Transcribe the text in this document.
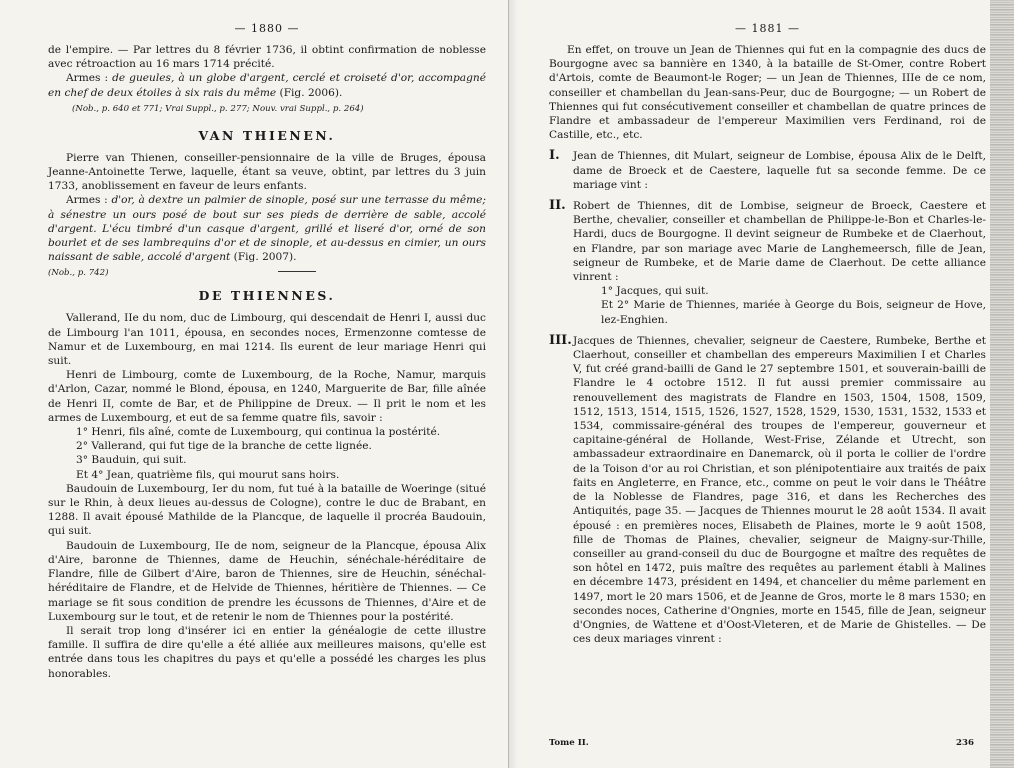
— 1880 —

de l'empire. — Par lettres du 8 février 1736, il obtint confirmation de noblesse avec rétroaction au 16 mars 1714 précité.

Armes : de gueules, à un globe d'argent, cerclé et croiseté d'or, accompagné en chef de deux étoiles à six rais du même (Fig. 2006).

(Nob., p. 640 et 771; Vrai Suppl., p. 277; Nouv. vrai Suppl., p. 264)
VAN THIENEN.

Pierre van Thienen, conseiller-pensionnaire de la ville de Bruges, épousa Jeanne-Antoinette Terwe, laquelle, étant sa veuve, obtint, par lettres du 3 juin 1733, anoblissement en faveur de leurs enfants.

Armes : d'or, à dextre un palmier de sinople, posé sur une terrasse du même; à sénestre un ours posé de bout sur ses pieds de derrière de sable, accolé d'argent. L'écu timbré d'un casque d'argent, grillé et liseré d'or, orné de son bourlet et de ses lambrequins d'or et de sinople, et au-dessus en cimier, un ours naissant de sable, accolé d'argent (Fig. 2007).

(Nob., p. 742)
DE THIENNES.

Vallerand, IIe du nom, duc de Limbourg, qui descendait de Henri I, aussi duc de Limbourg l'an 1011, épousa, en secondes noces, Ermenzonne comtesse de Namur et de Luxembourg, en mai 1214. Ils eurent de leur mariage Henri qui suit.

Henri de Limbourg, comte de Luxembourg, de la Roche, Namur, marquis d'Arlon, Cazar, nommé le Blond, épousa, en 1240, Marguerite de Bar, fille aînée de Henri II, comte de Bar, et de Philippine de Dreux. — Il prit le nom et les armes de Luxembourg, et eut de sa femme quatre fils, savoir :

1° Henri, fils aîné, comte de Luxembourg, qui continua la postérité.

2° Vallerand, qui fut tige de la branche de cette lignée.

3° Bauduin, qui suit.

Et 4° Jean, quatrième fils, qui mourut sans hoirs.

Baudouin de Luxembourg, Ier du nom, fut tué à la bataille de Woeringe (situé sur le Rhin, à deux lieues au-dessus de Cologne), contre le duc de Brabant, en 1288. Il avait épousé Mathilde de la Plancque, de laquelle il procréa Baudouin, qui suit.

Baudouin de Luxembourg, IIe de nom, seigneur de la Plancque, épousa Alix d'Aire, baronne de Thiennes, dame de Heuchin, sénéchale-héréditaire de Flandre, fille de Gilbert d'Aire, baron de Thiennes, sire de Heuchin, sénéchal-héréditaire de Flandre, et de Helvide de Thiennes, héritière de Thiennes. — Ce mariage se fit sous condition de prendre les écussons de Thiennes, d'Aire et de Luxembourg sur le tout, et de retenir le nom de Thiennes pour la postérité.

Il serait trop long d'insérer ici en entier la généalogie de cette illustre famille. Il suffira de dire qu'elle a été alliée aux meilleures maisons, qu'elle est entrée dans tous les chapitres du pays et qu'elle a possédé les charges les plus honorables.

— 1881 —

En effet, on trouve un Jean de Thiennes qui fut en la compagnie des ducs de Bourgogne avec sa bannière en 1340, à la bataille de St-Omer, contre Robert d'Artois, comte de Beaumont-le Roger; — un Jean de Thiennes, IIIe de ce nom, conseiller et chambellan du Jean-sans-Peur, duc de Bourgogne; — un Robert de Thiennes qui fut consécutivement conseiller et chambellan de quatre princes de Flandre et ambassadeur de l'empereur Maximilien vers Ferdinand, roi de Castille, etc., etc.

I.	Jean de Thiennes, dit Mulart, seigneur de Lombise, épousa Alix de le Delft, dame de Broeck et de Caestere, laquelle fut sa seconde femme. De ce mariage vint :

II. Robert de Thiennes, dit de Lombise, seigneur de Broeck, Caestere et Berthe, chevalier, conseiller et chambellan de Philippe-le-Bon et Charles-le-Hardi, ducs de Bourgogne. Il devint seigneur de Rumbeke et de Claerhout, en Flandre, par son mariage avec Marie de Langhemeersch, fille de Jean, seigneur de Rumbeke, et de Marie dame de Claerhout. De cette alliance vinrent :

1° Jacques, qui suit.

Et 2° Marie de Thiennes, mariée à George du Bois, seigneur de Hove, lez-Enghien.

III. Jacques de Thiennes, chevalier, seigneur de Caestere, Rumbeke, Berthe et Claerhout, conseiller et chambellan des empereurs Maximilien I et Charles V, fut créé grand-bailli de Gand le 27 septembre 1501, et souverain-bailli de Flandre le 4 octobre 1512. Il fut aussi premier commissaire au renouvellement des magistrats de Flandre en 1503, 1504, 1508, 1509, 1512, 1513, 1514, 1515, 1526, 1527, 1528, 1529, 1530, 1531, 1532, 1533 et 1534, commissaire-général des troupes de l'empereur, gouverneur et capitaine-général de Hollande, West-Frise, Zélande et Utrecht, son ambassadeur extraordinaire en Danemarck, où il porta le collier de l'ordre de la Toison d'or au roi Christian, et son plénipotentiaire aux traités de paix faits en Angleterre, en France, etc., comme on peut le voir dans le Théâtre de la Noblesse de Flandres, page 316, et dans les Recherches des Antiquités, page 35. — Jacques de Thiennes mourut le 28 août 1534. Il avait épousé : en premières noces, Elisabeth de Plaines, morte le 9 août 1508, fille de Thomas de Plaines, chevalier, seigneur de Maigny-sur-Thille, conseiller au grand-conseil du duc de Bourgogne et maître des requêtes de son hôtel en 1472, puis maître des requêtes au parlement établi à Malines en décembre 1473, président en 1494, et chancelier du même parlement en 1497, mort le 20 mars 1506, et de Jeanne de Gros, morte le 8 mars 1530; en secondes noces, Catherine d'Ongnies, morte en 1545, fille de Jean, seigneur d'Ongnies, de Wattene et d'Oost-Vleteren, et de Marie de Ghistelles. — De ces deux mariages vinrent :

Tome II.	236
